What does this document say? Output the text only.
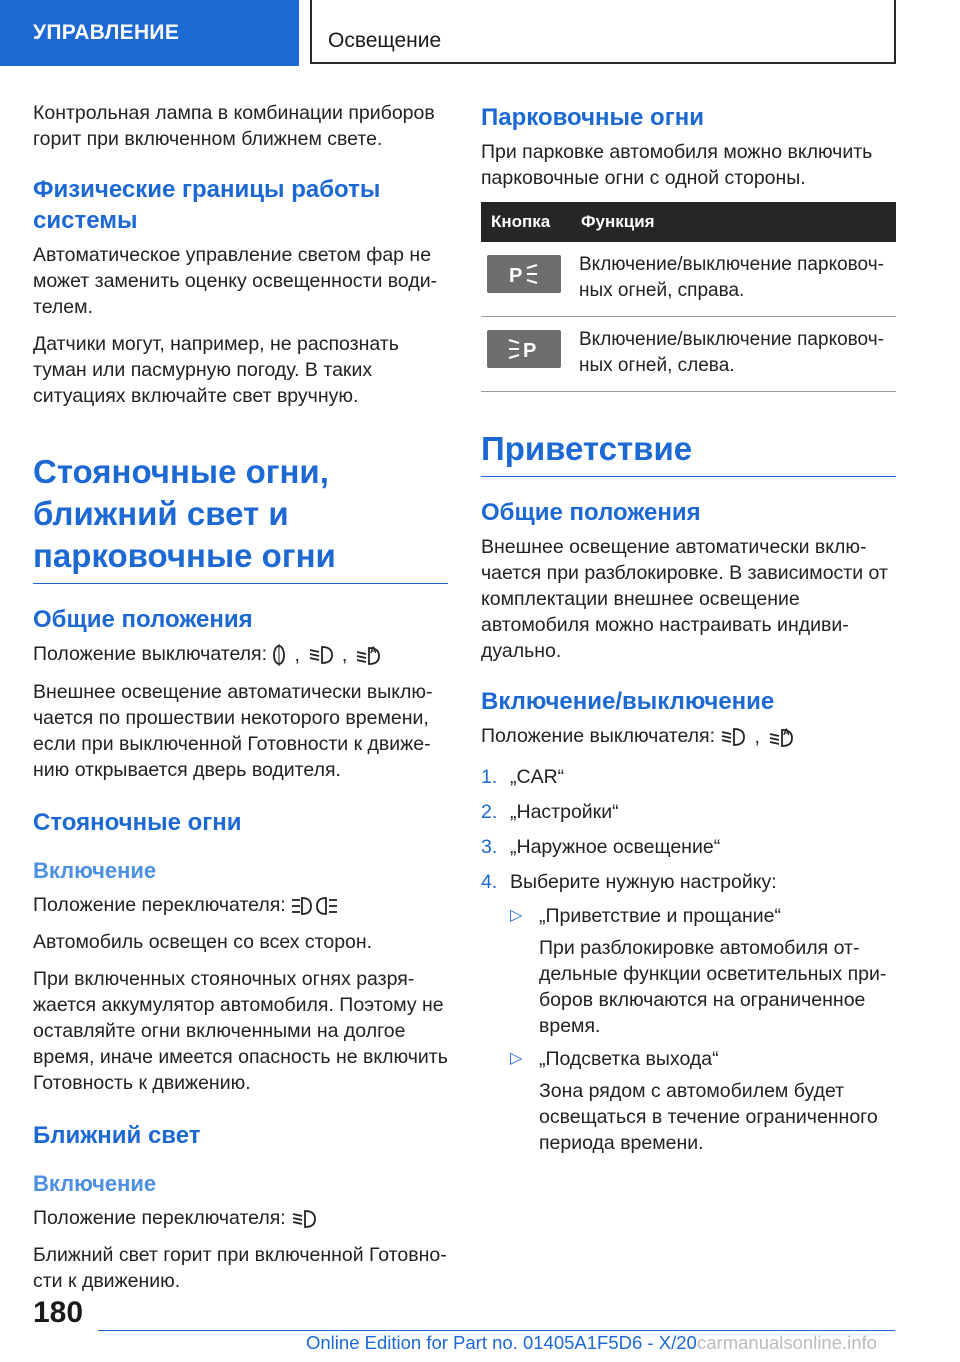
УПРАВЛЕНИЕ	Освещение

Контрольная лампа в комбинации приборов горит при включенном ближнем свете.

Физические границы работы системы

Автоматическое управление светом фар не может заменить оценку освещенности водителем.

Датчики могут, например, не распознать туман или пасмурную погоду. В таких ситуациях включайте свет вручную.

Стояночные огни, ближний свет и парковочные огни
Общие положения

Положение выключателя: , ,	A

Внешнее освещение автоматически выключается по прошествии некоторого времени, если при выключенной Готовности к движению открывается дверь водителя.

Стояночные огни
Включение

Положение переключателя:

Автомобиль освещен со всех сторон.

При включенных стояночных огнях разряжается аккумулятор автомобиля. Поэтому не оставляйте огни включенными на долгое время, иначе имеется опасность не включить Готовность к движению.

Ближний свет
Включение

Положение переключателя:

Ближний свет горит при включенной Готовности к движению.

Парковочные огни

При парковке автомобиля можно включить парковочные огни с одной стороны.

Кнопка	Функция

P	Включение/выключение парковочных огней, справа.

P	Включение/выключение парковочных огней, слева.
Приветствие
Общие положения

Внешнее освещение автоматически включается при разблокировке. В зависимости от комплектации внешнее освещение автомобиля можно настраивать индивидуально.

Включение/выключение

Положение выключателя: ,	A

1. „CAR“
2. „Настройки“
3. „Наружное освещение“
4. Выберите нужную настройку:
▷ „Приветствие и прощание“

При разблокировке автомобиля отдельные функции осветительных приборов включаются на ограниченное время.

▷ „Подсветка выхода“

Зона рядом с автомобилем будет освещаться в течение ограниченного периода времени.

180
Online Edition for Part no. 01405A1F5D6 - X/20 carmanualsonline.info
